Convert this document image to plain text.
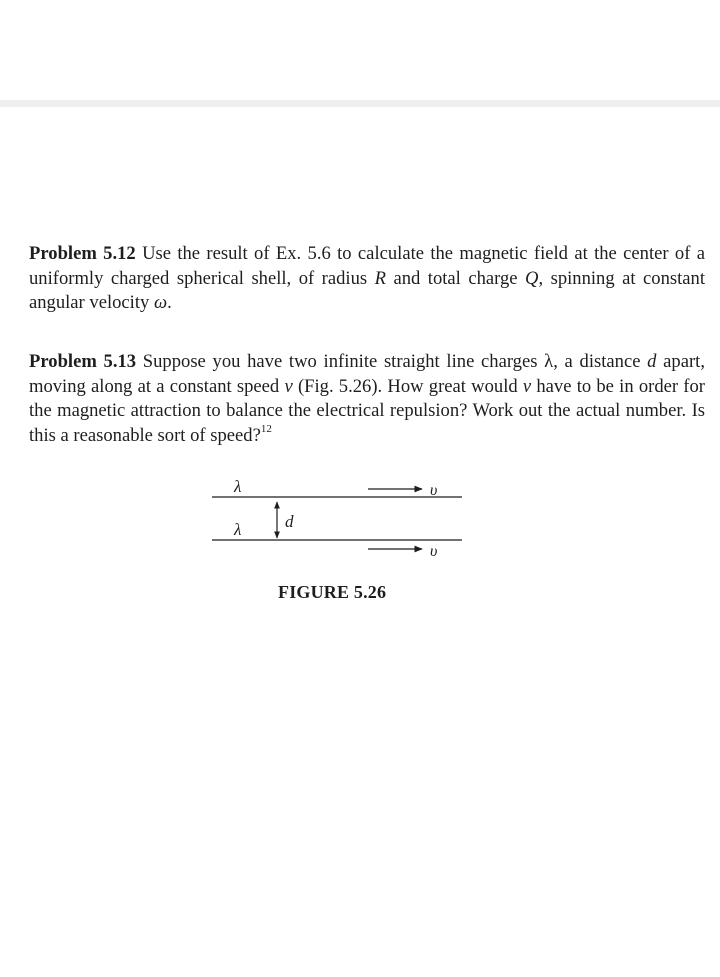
Problem 5.12 Use the result of Ex. 5.6 to calculate the magnetic field at the center of a uniformly charged spherical shell, of radius R and total charge Q, spinning at constant angular velocity ω.

Problem 5.13 Suppose you have two infinite straight line charges λ, a distance d apart, moving along at a constant speed v (Fig. 5.26). How great would v have to be in order for the magnetic attraction to balance the electrical repulsion? Work out the actual number. Is this a reasonable sort of speed?$^{12}$

λ	υ
d
λ
υ
FIGURE 5.26
